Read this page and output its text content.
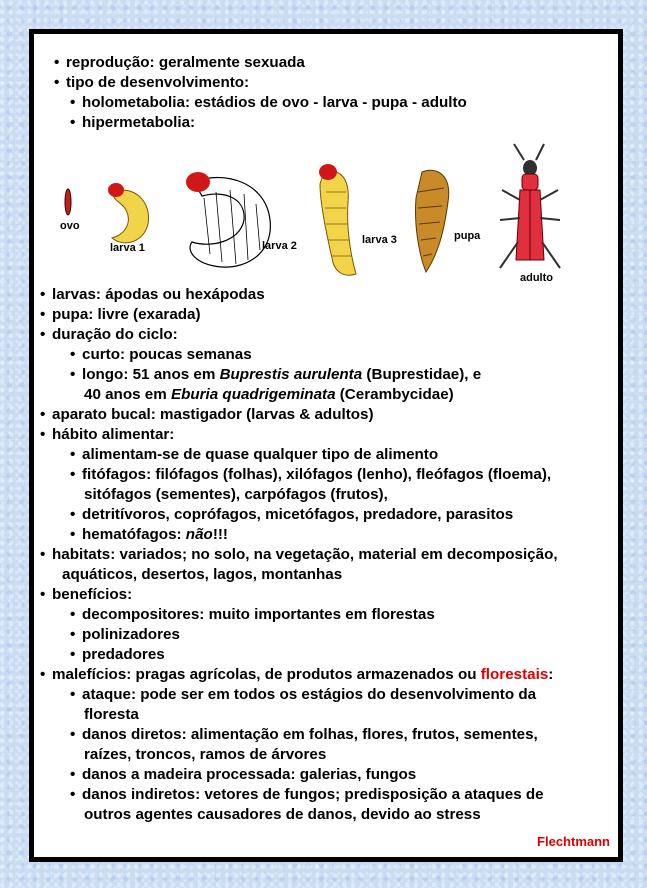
• reprodução: geralmente sexuada
• tipo de desenvolvimento:
• holometabolia: estádios de ovo - larva - pupa - adulto
• hipermetabolia:
• larvas: ápodas ou hexápodas
• pupa: livre (exarada)
• duração do ciclo:
• curto: poucas semanas
• longo: 51 anos em Buprestis aurulenta (Buprestidae), e
40 anos em Eburia quadrigeminata (Cerambycidae)
• aparato bucal: mastigador (larvas & adultos)
• hábito alimentar:
• alimentam-se de quase qualquer tipo de alimento
• fitófagos: filófagos (folhas), xilófagos (lenho), fleófagos (floema),
sitófagos (sementes), carpófagos (frutos),
• detritívoros, coprófagos, micetófagos, predadore, parasitos
• hematófagos: não!!!
• habitats: variados; no solo, na vegetação, material em decomposição,
aquáticos, desertos, lagos, montanhas
• benefícios:
• decompositores: muito importantes em florestas
• polinizadores
• predadores
• malefícios: pragas agrícolas, de produtos armazenados ou florestais:
• ataque: pode ser em todos os estágios do desenvolvimento da
floresta
• danos diretos: alimentação em folhas, flores, frutos, sementes,
raízes, troncos, ramos de árvores
• danos a madeira processada: galerias, fungos
• danos indiretos: vetores de fungos; predisposição a ataques de
outros agentes causadores de danos, devido ao stress
ovo
larva 1	larva 2	larva 3	pupa
adulto
Flechtmann
